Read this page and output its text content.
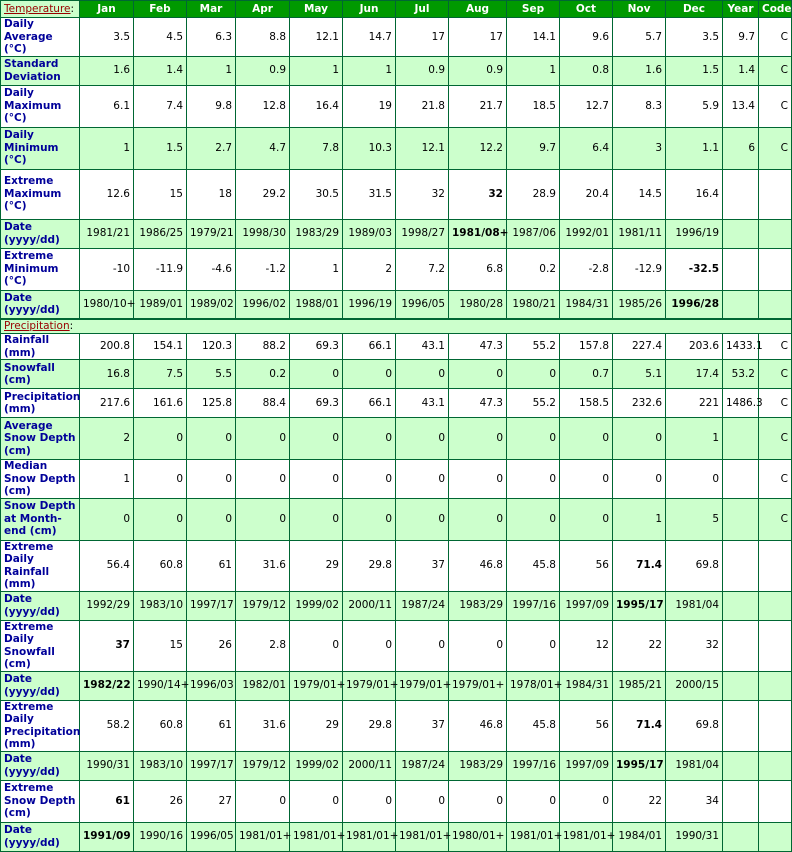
Temperature:	Jan	Feb	Mar	Apr	May	Jun	Jul	Aug	Sep	Oct	Nov	Dec	Year	Code
Daily Average (°C)	3.5	4.5	6.3	8.8	12.1	14.7	17	17	14.1	9.6	5.7	3.5	9.7	C
Standard Deviation	1.6	1.4	1	0.9	1	1	0.9	0.9	1	0.8	1.6	1.5	1.4	C
Daily Maximum (°C)	6.1	7.4	9.8	12.8	16.4	19	21.8	21.7	18.5	12.7	8.3	5.9	13.4	C
Daily Minimum (°C)	1	1.5	2.7	4.7	7.8	10.3	12.1	12.2	9.7	6.4	3	1.1	6	C
Extreme Maximum (°C)	12.6	15	18	29.2	30.5	31.5	32	32	28.9	20.4	14.5	16.4		
Date (yyyy/dd)	1981/21	1986/25	1979/21	1998/30	1983/29	1989/03	1998/27	1981/08+	1987/06	1992/01	1981/11	1996/19		
Extreme Minimum (°C)	-10	-11.9	-4.6	-1.2	1	2	7.2	6.8	0.2	-2.8	-12.9	-32.5		
Date (yyyy/dd)	1980/10+	1989/01	1989/02	1996/02	1988/01	1996/19	1996/05	1980/28	1980/21	1984/31	1985/26	1996/28		
Precipitation:														
Rainfall (mm)	200.8	154.1	120.3	88.2	69.3	66.1	43.1	47.3	55.2	157.8	227.4	203.6	1433.1	C
Snowfall (cm)	16.8	7.5	5.5	0.2	0	0	0	0	0	0.7	5.1	17.4	53.2	C
Precipitation (mm)	217.6	161.6	125.8	88.4	69.3	66.1	43.1	47.3	55.2	158.5	232.6	221	1486.3	C
Average Snow Depth (cm)	2	0	0	0	0	0	0	0	0	0	0	1		C
Median Snow Depth (cm)	1	0	0	0	0	0	0	0	0	0	0	0		C
Snow Depth at Month-end (cm)	0	0	0	0	0	0	0	0	0	0	1	5		C
Extreme Daily Rainfall (mm)	56.4	60.8	61	31.6	29	29.8	37	46.8	45.8	56	71.4	69.8		
Date (yyyy/dd)	1992/29	1983/10	1997/17	1979/12	1999/02	2000/11	1987/24	1983/29	1997/16	1997/09	1995/17	1981/04		
Extreme Daily Snowfall (cm)	37	15	26	2.8	0	0	0	0	0	12	22	32		
Date (yyyy/dd)	1982/22	1990/14+	1996/03	1982/01	1979/01+	1979/01+	1979/01+	1979/01+	1978/01+	1984/31	1985/21	2000/15		
Extreme Daily Precipitation (mm)	58.2	60.8	61	31.6	29	29.8	37	46.8	45.8	56	71.4	69.8		
Date (yyyy/dd)	1990/31	1983/10	1997/17	1979/12	1999/02	2000/11	1987/24	1983/29	1997/16	1997/09	1995/17	1981/04		
Extreme Snow Depth (cm)	61	26	27	0	0	0	0	0	0	0	22	34		
Date (yyyy/dd)	1991/09	1990/16	1996/05	1981/01+	1981/01+	1981/01+	1981/01+	1980/01+	1981/01+	1981/01+	1984/01	1990/31		
